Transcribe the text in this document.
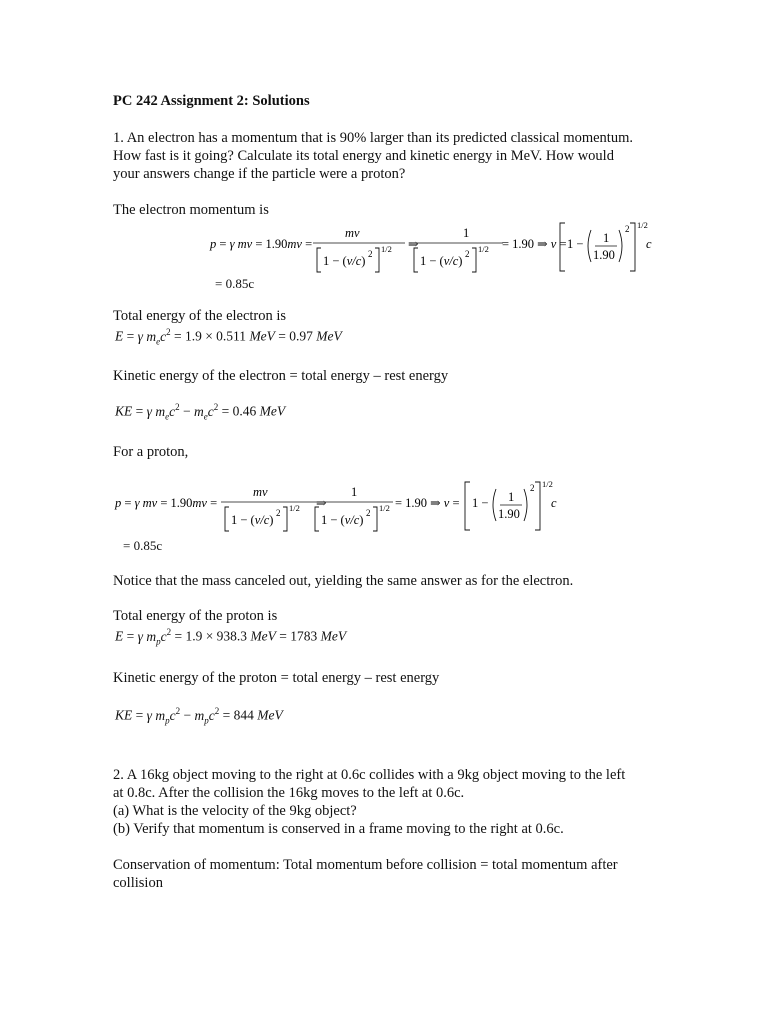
PC 242 Assignment 2: Solutions
1. An electron has a momentum that is 90% larger than its predicted classical momentum.
How fast is it going? Calculate its total energy and kinetic energy in MeV. How would
your answers change if the particle were a proton?
The electron momentum is
p = γ mv = 1.90mv =
mv
1 − (v/c) 2 1/2 ⇒
1
1 − (v/c) 2 1/2 = 1.90 ⇒ v = 1 − 1
1.90
2 1/2
c
= 0.85c
Total energy of the electron is
E = γ $m_ec^2 = 1.9 \times 0.511$ MeV = 0.97 MeV
Kinetic energy of the electron = total energy – rest energy
KE = γ $m_ec^2 - m_ec^2 = 0.46$ MeV
For a proton,
p = γ mv = 1.90mv =
mv
1 − (v/c) 2 1/2 ⇒
1
1 − (v/c) 2 1/2 = 1.90 ⇒ v = 1 − 1
1.90
2 1/2
c
= 0.85c
Notice that the mass canceled out, yielding the same answer as for the electron.
Total energy of the proton is
E = γ $m_pc^2 = 1.9 \times 938.3$ MeV = 1783 MeV
Kinetic energy of the proton = total energy – rest energy
KE = γ $m_pc^2 - m_pc^2 = 844$ MeV
2. A 16kg object moving to the right at 0.6c collides with a 9kg object moving to the left
at 0.8c. After the collision the 16kg moves to the left at 0.6c.
(a) What is the velocity of the 9kg object?
(b) Verify that momentum is conserved in a frame moving to the right at 0.6c.
Conservation of momentum: Total momentum before collision = total momentum after
collision
